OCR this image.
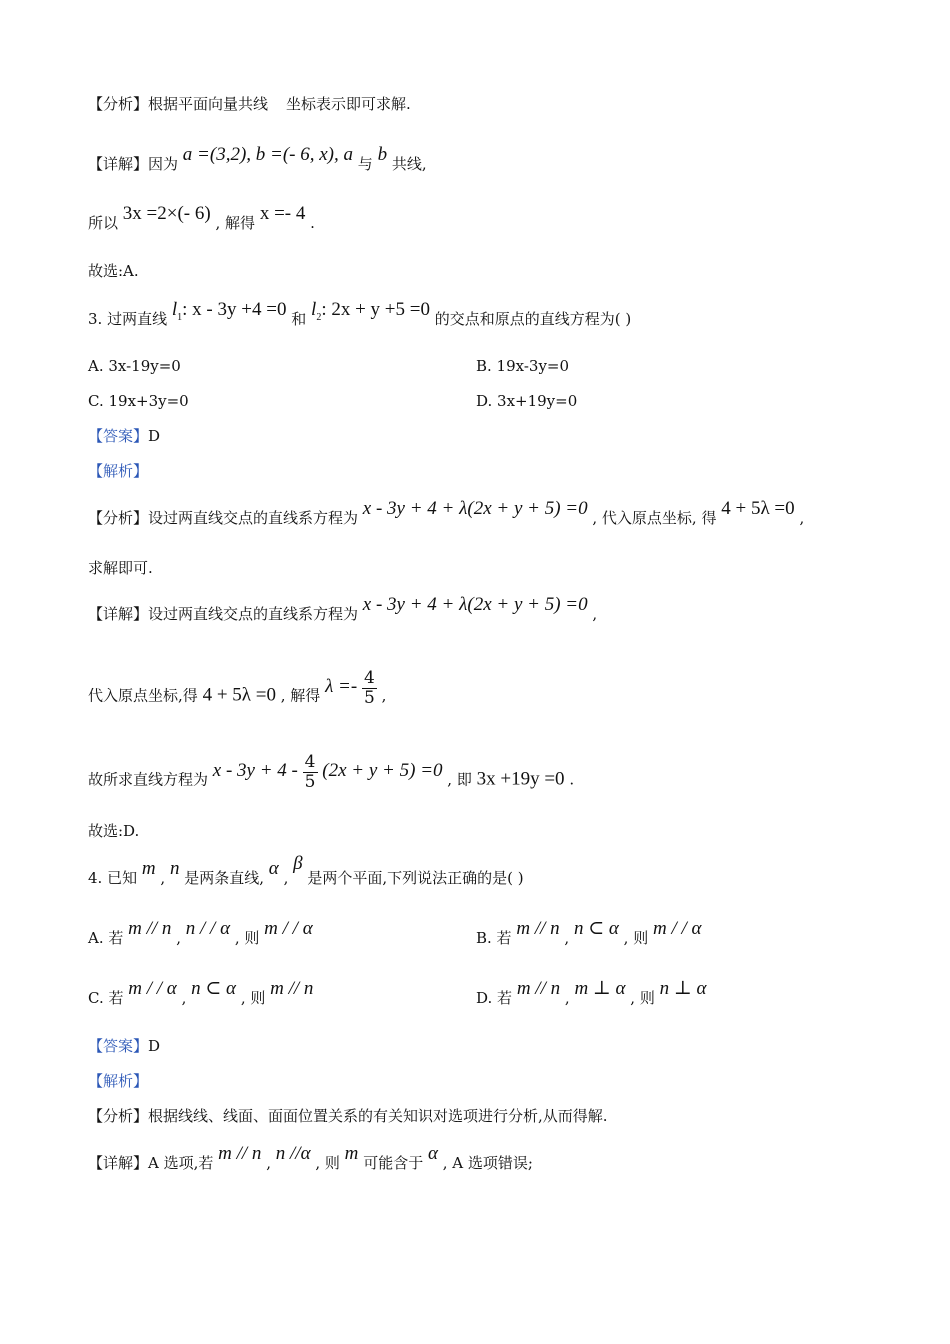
【分析】根据平面向量共线 坐标表示即可求解.
【详解】因为 a =(3,2), b =(- 6, x), a 与 b 共线,
所以 3x =2×(- 6) , 解得 x =- 4 .
故选:A.
3. 过两直线 $l_1$: x - 3y +4 =0 和 $l_2$: 2x + y +5 =0 的交点和原点的直线方程为( )
A. 3x-19y=0	B. 19x-3y=0
C. 19x+3y=0	D. 3x+19y=0
【答案】D
【解析】
【分析】设过两直线交点的直线系方程为 x - 3y + 4 + λ(2x + y + 5) =0 , 代入原点坐标, 得 4 + 5λ =0 ,
求解即可.
【详解】设过两直线交点的直线系方程为 x - 3y + 4 + λ(2x + y + 5) =0 ,
代入原点坐标,得 4 + 5λ =0 , 解得 $\lambda =- \frac{4}{5}$ ,
故所求直线方程为 $x - 3y + 4 - \frac{4}{5} (2x + y + 5) =0$ , 即 3x +19y =0 .
故选:D.
4. 已知 m , n 是两条直线, α , β 是两个平面,下列说法正确的是( )
A. 若 m // n , n / / α , 则 m / / α	B. 若 m // n , n ⊂ α , 则 m / / α
C. 若 m / / α , n ⊂ α , 则 m // n	D. 若 m // n , m ⊥ α , 则 n ⊥ α
【答案】D
【解析】
【分析】根据线线、线面、面面位置关系的有关知识对选项进行分析,从而得解.
【详解】A 选项,若 m // n , n //α , 则 m 可能含于 α , A 选项错误;
